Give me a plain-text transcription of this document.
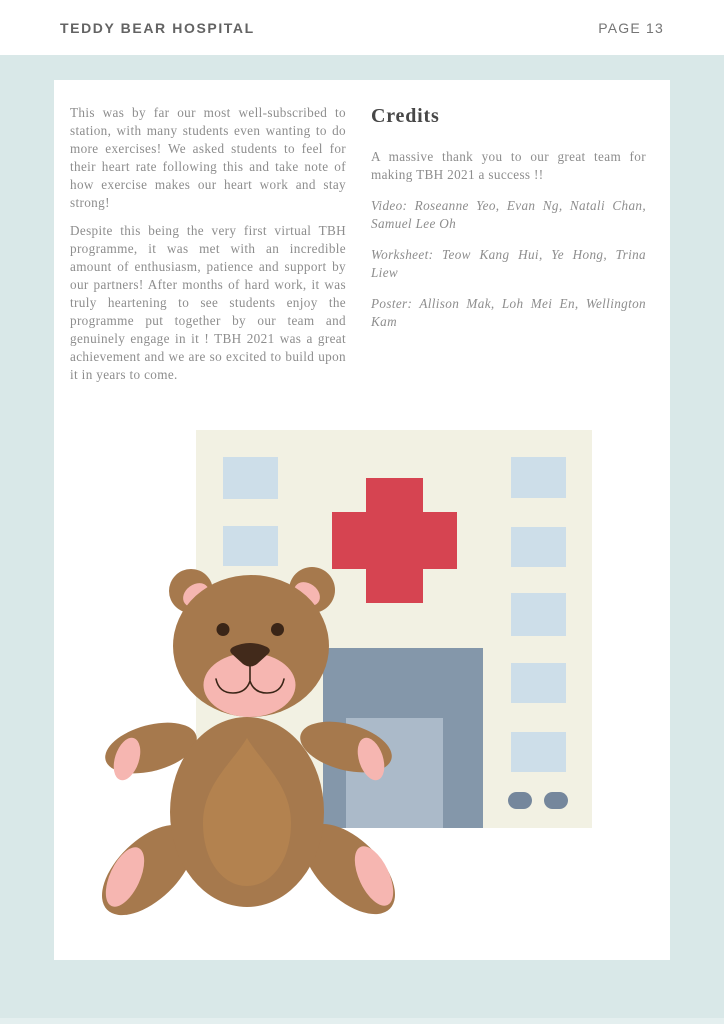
TEDDY BEAR HOSPITAL	PAGE 13

This was by far our most well-subscribed to station, with many students even wanting to do more exercises! We asked students to feel for their heart rate following this and take note of how exercise makes our heart work and stay strong!

Despite this being the very first virtual TBH programme, it was met with an incredible amount of enthusiasm, patience and support by our partners! After months of hard work, it was truly heartening to see students enjoy the programme put together by our team and genuinely engage in it ! TBH 2021 was a great achievement and we are so excited to build upon it in years to come.

Credits

A massive thank you to our great team for making TBH 2021 a success !!

Video: Roseanne Yeo, Evan Ng, Natali Chan, Samuel Lee Oh

Worksheet: Teow Kang Hui, Ye Hong, Trina Liew

Poster: Allison Mak, Loh Mei En, Wellington Kam
